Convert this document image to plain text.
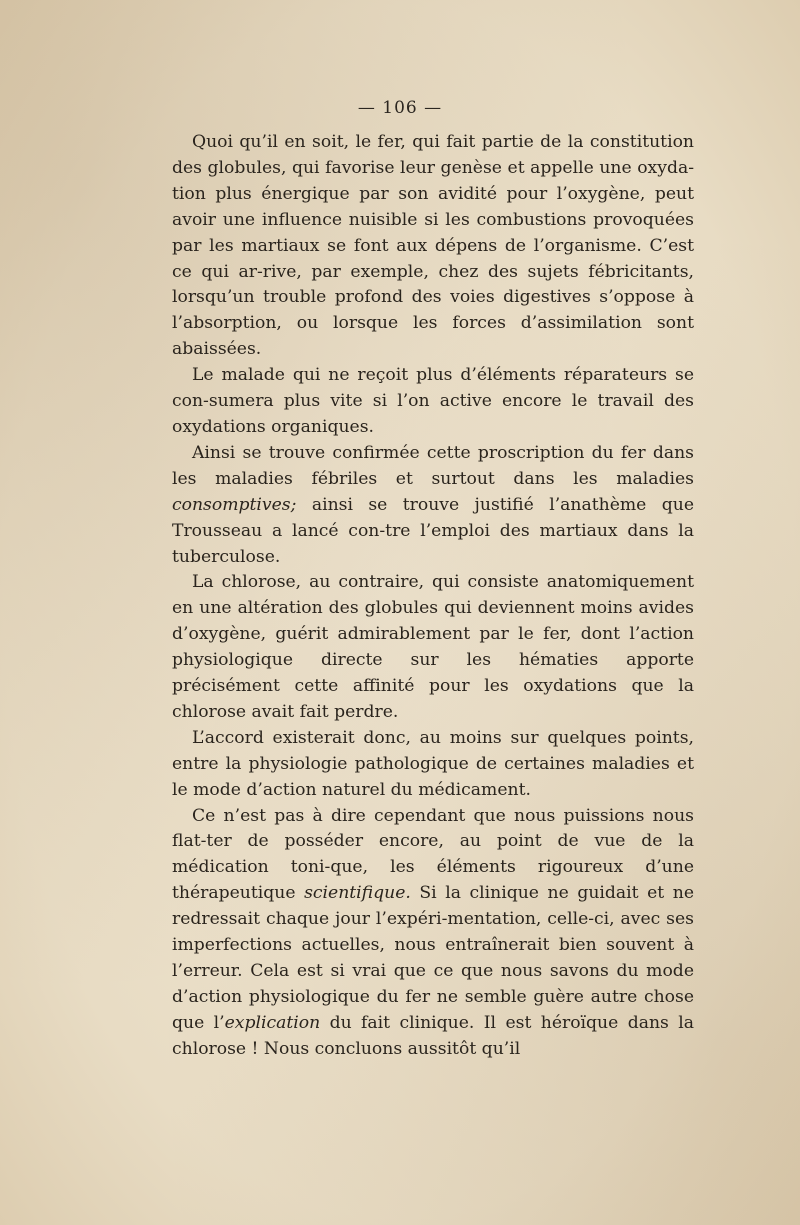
— 106 —

Quoi qu’il en soit, le fer, qui fait partie de la constitution des globules, qui favorise leur genèse et appelle une oxyda-tion plus énergique par son avidité pour l’oxygène, peut avoir une influence nuisible si les combustions provoquées par les martiaux se font aux dépens de l’organisme. C’est ce qui ar-rive, par exemple, chez des sujets fébricitants, lorsqu’un trouble profond des voies digestives s’oppose à l’absorption, ou lorsque les forces d’assimilation sont abaissées.

Le malade qui ne reçoit plus d’éléments réparateurs se con-sumera plus vite si l’on active encore le travail des oxydations organiques.

Ainsi se trouve confirmée cette proscription du fer dans les maladies fébriles et surtout dans les maladies consomptives; ainsi se trouve justifié l’anathème que Trousseau a lancé con-tre l’emploi des martiaux dans la tuberculose.

La chlorose, au contraire, qui consiste anatomiquement en une altération des globules qui deviennent moins avides d’oxygène, guérit admirablement par le fer, dont l’action physiologique directe sur les hématies apporte précisément cette affinité pour les oxydations que la chlorose avait fait perdre.

L’accord existerait donc, au moins sur quelques points, entre la physiologie pathologique de certaines maladies et le mode d’action naturel du médicament.

Ce n’est pas à dire cependant que nous puissions nous flat-ter de posséder encore, au point de vue de la médication toni-que, les éléments rigoureux d’une thérapeutique scientifique. Si la clinique ne guidait et ne redressait chaque jour l’expéri-mentation, celle-ci, avec ses imperfections actuelles, nous entraînerait bien souvent à l’erreur. Cela est si vrai que ce que nous savons du mode d’action physiologique du fer ne semble guère autre chose que l’explication du fait clinique. Il est héroïque dans la chlorose ! Nous concluons aussitôt qu’il
